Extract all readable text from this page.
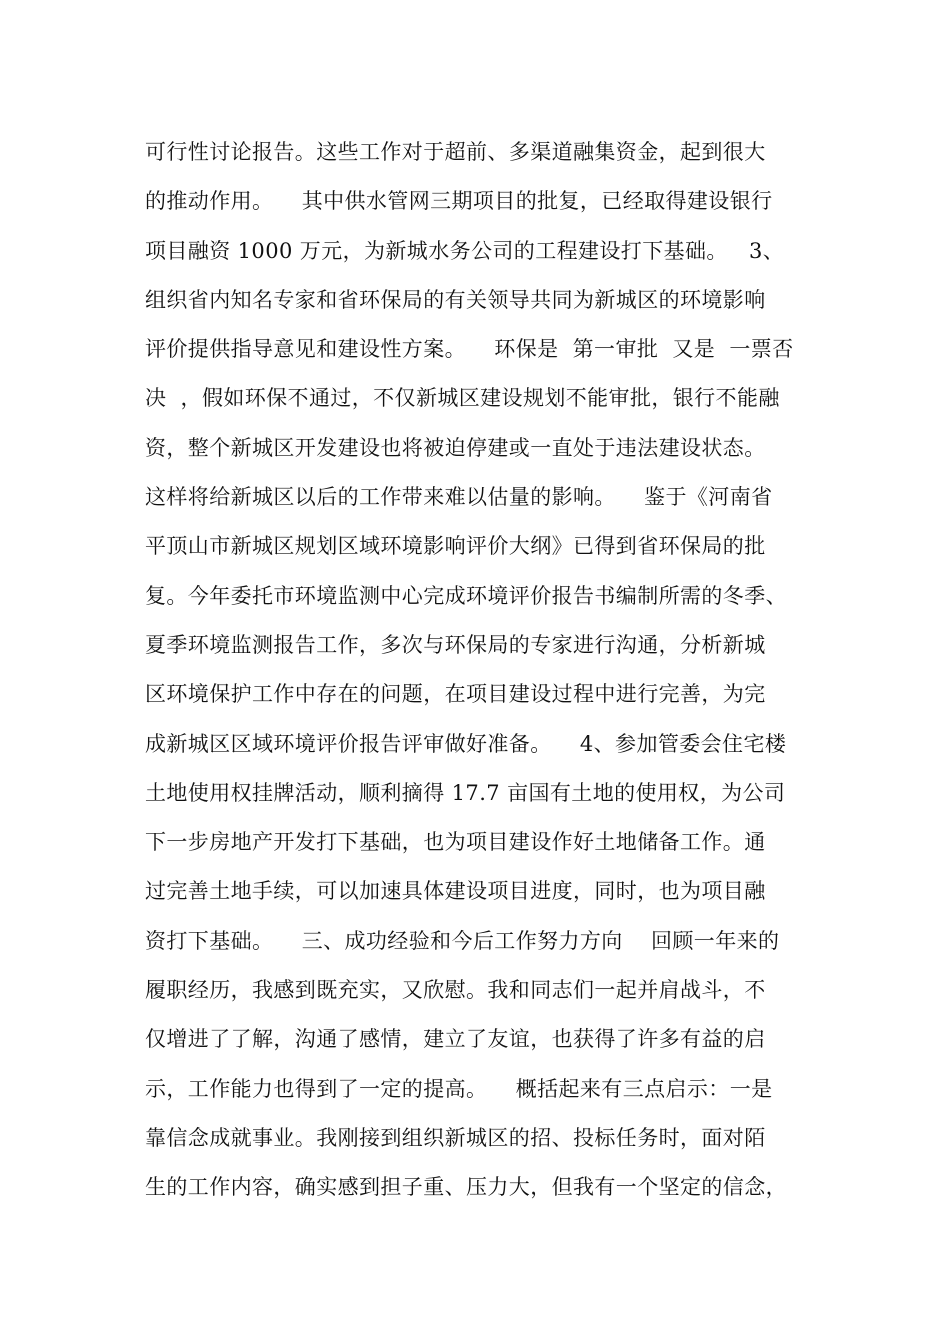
可行性讨论报告。这些工作对于超前、多渠道融集资金，起到很大
的推动作用。    其中供水管网三期项目的批复，已经取得建设银行
项目融资 1000 万元，为新城水务公司的工程建设打下基础。   3、
组织省内知名专家和省环保局的有关领导共同为新城区的环境影响
评价提供指导意见和建设性方案。    环保是  第一审批  又是  一票否
决  ，假如环保不通过，不仅新城区建设规划不能审批，银行不能融
资，整个新城区开发建设也将被迫停建或一直处于违法建设状态。
这样将给新城区以后的工作带来难以估量的影响。    鉴于《河南省
平顶山市新城区规划区域环境影响评价大纲》已得到省环保局的批
复。今年委托市环境监测中心完成环境评价报告书编制所需的冬季、
夏季环境监测报告工作，多次与环保局的专家进行沟通，分析新城
区环境保护工作中存在的问题，在项目建设过程中进行完善，为完
成新城区区域环境评价报告评审做好准备。    4、参加管委会住宅楼
土地使用权挂牌活动，顺利摘得 17.7 亩国有土地的使用权，为公司
下一步房地产开发打下基础，也为项目建设作好土地储备工作。通
过完善土地手续，可以加速具体建设项目进度，同时，也为项目融
资打下基础。    三、成功经验和今后工作努力方向    回顾一年来的
履职经历，我感到既充实，又欣慰。我和同志们一起并肩战斗，不
仅增进了了解，沟通了感情，建立了友谊，也获得了许多有益的启
示，工作能力也得到了一定的提高。    概括起来有三点启示：一是
靠信念成就事业。我刚接到组织新城区的招、投标任务时，面对陌
生的工作内容，确实感到担子重、压力大，但我有一个坚定的信念，
